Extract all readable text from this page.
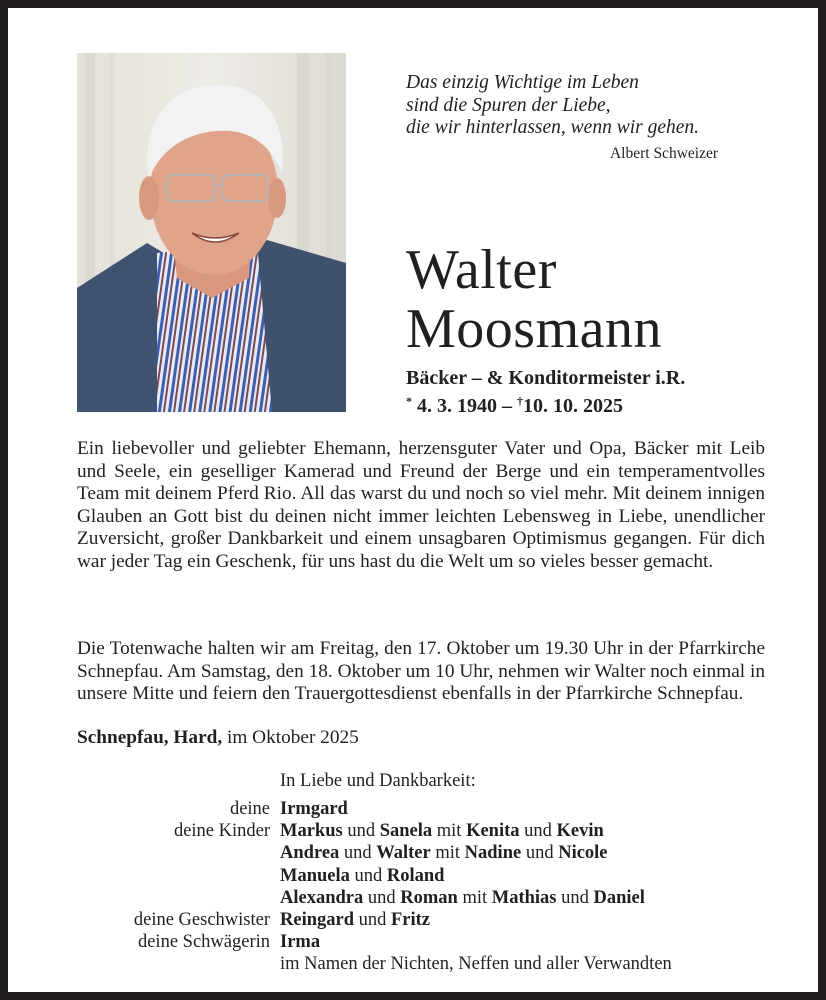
Das einzig Wichtige im Leben
sind die Spuren der Liebe,
die wir hinterlassen, wenn wir gehen.
Albert Schweizer
Walter
Moosmann
Bäcker – & Konditormeister i.R.
* 4. 3. 1940 – †10. 10. 2025
Ein liebevoller und geliebter Ehemann, herzensguter Vater und Opa, Bäcker mit Leib und Seele, ein geselliger Kamerad und Freund der Berge und ein temperamentvolles Team mit deinem Pferd Rio. All das warst du und noch so viel mehr. Mit deinem innigen Glauben an Gott bist du deinen nicht immer leichten Lebensweg in Liebe, unendlicher Zuversicht, großer Dankbarkeit und einem unsagbaren Optimismus gegangen. Für dich war jeder Tag ein Geschenk, für uns hast du die Welt um so vieles besser gemacht.
Die Totenwache halten wir am Freitag, den 17. Oktober um 19.30 Uhr in der Pfarrkirche Schnepfau. Am Samstag, den 18. Oktober um 10 Uhr, nehmen wir Walter noch einmal in unsere Mitte und feiern den Trauergottesdienst ebenfalls in der Pfarrkirche Schnepfau.
Schnepfau, Hard, im Oktober 2025
In Liebe und Dankbarkeit:
deine Irmgard
deine Kinder Markus und Sanela mit Kenita und Kevin
Andrea und Walter mit Nadine und Nicole
Manuela und Roland
Alexandra und Roman mit Mathias und Daniel
deine Geschwister Reingard und Fritz
deine Schwägerin Irma
im Namen der Nichten, Neffen und aller Verwandten
